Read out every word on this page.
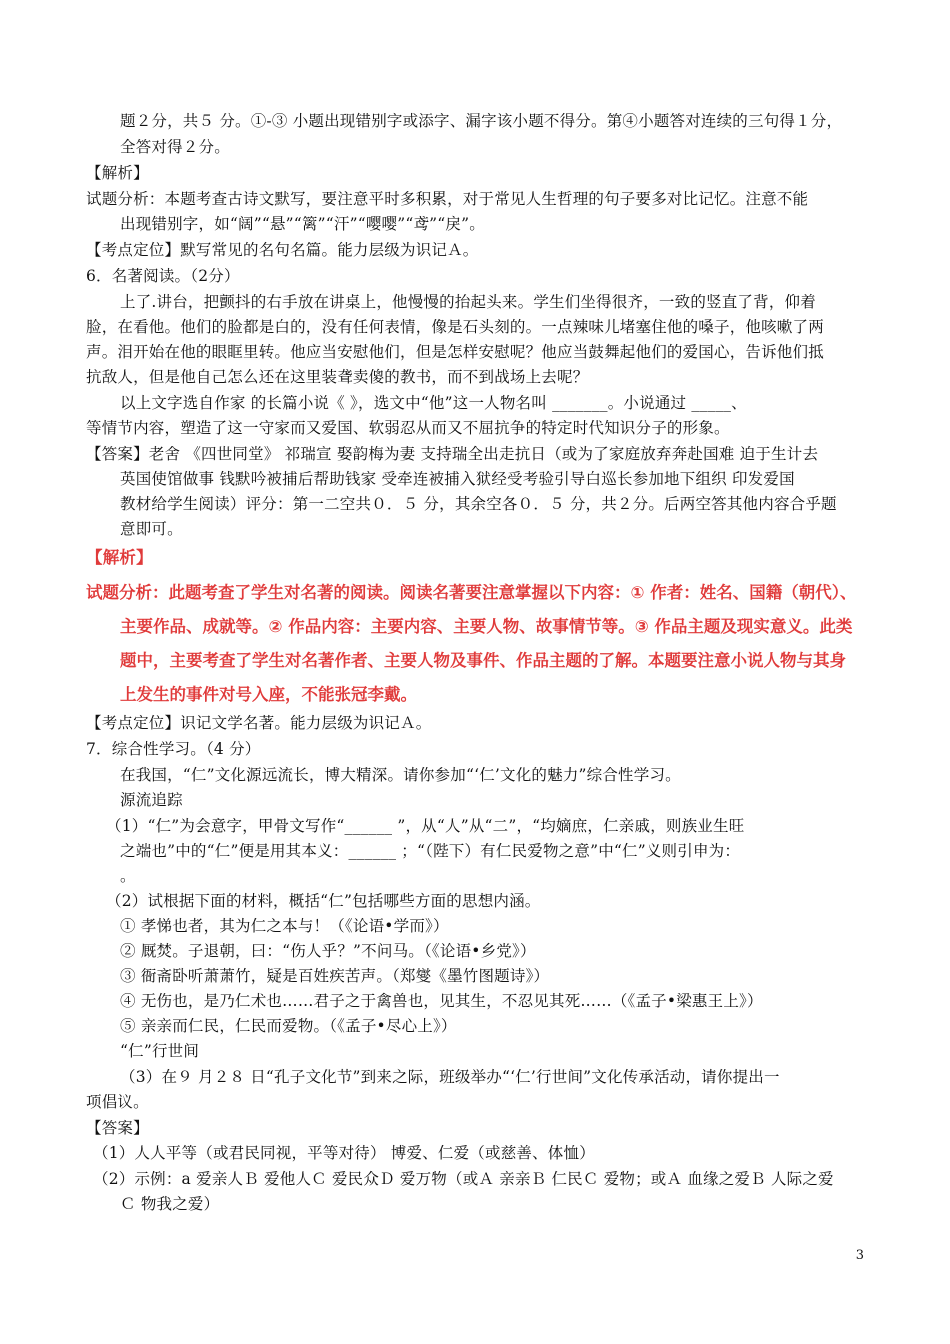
题２分，共５ 分。①-③ 小题出现错别字或添字、漏字该小题不得分。第④小题答对连续的三句得１分，
全答对得２分。
【解析】
试题分析：本题考查古诗文默写，要注意平时多积累，对于常见人生哲理的句子要多对比记忆。注意不能
出现错别字，如“阔”“悬”“篱”“汗”“嘤嘤”“鸢”“戾”。
【考点定位】默写常见的名句名篇。能力层级为识记Ａ。
6．名著阅读。（2分）
上了.讲台，把颤抖的右手放在讲桌上，他慢慢的抬起头来。学生们坐得很齐，一致的竖直了背，仰着
脸，在看他。他们的脸都是白的，没有任何表情，像是石头刻的。一点辣味儿堵塞住他的嗓子，他咳嗽了两
声。泪开始在他的眼眶里转。他应当安慰他们，但是怎样安慰呢？他应当鼓舞起他们的爱国心，告诉他们抵
抗敌人，但是他自己怎么还在这里装聋卖傻的教书，而不到战场上去呢？
以上文字选自作家 的长篇小说《 》，选文中“他”这一人物名叫 _______。小说通过 _____、
等情节内容，塑造了这一守家而又爱国、软弱忍从而又不屈抗争的特定时代知识分子的形象。
【答案】老舍 《四世同堂》 祁瑞宣 娶韵梅为妻 支持瑞全出走抗日（或为了家庭放弃奔赴国难 迫于生计去
英国使馆做事 钱默吟被捕后帮助钱家 受牵连被捕入狱经受考验引导白巡长参加地下组织 印发爱国
教材给学生阅读）评分：第一二空共０．５ 分，其余空各０．５ 分，共２分。后两空答其他内容合乎题
意即可。
【解析】
试题分析：此题考查了学生对名著的阅读。阅读名著要注意掌握以下内容：① 作者：姓名、国籍（朝代）、
主要作品、成就等。② 作品内容：主要内容、主要人物、故事情节等。③ 作品主题及现实意义。此类
题中，主要考查了学生对名著作者、主要人物及事件、作品主题的了解。本题要注意小说人物与其身
上发生的事件对号入座，不能张冠李戴。
【考点定位】识记文学名著。能力层级为识记Ａ。
7．综合性学习。（4 分）
在我国，“仁”文化源远流长，博大精深。请你参加“‘仁’文化的魅力”综合性学习。
源流追踪
（1）“仁”为会意字，甲骨文写作“______ ”，从“人”从“二”，“均嫡庶，仁亲戚，则族业生旺
之端也”中的“仁”便是用其本义：______ ；“（陛下）有仁民爱物之意”中“仁”义则引申为：
。
（2）试根据下面的材料，概括“仁”包括哪些方面的思想内涵。
① 孝悌也者，其为仁之本与！（《论语•学而》）
② 厩焚。子退朝，曰：“伤人乎？”不问马。（《论语•乡党》）
③ 衙斋卧听萧萧竹，疑是百姓疾苦声。（郑燮《墨竹图题诗》）
④ 无伤也，是乃仁术也……君子之于禽兽也，见其生，不忍见其死……（《孟子•梁惠王上》）
⑤ 亲亲而仁民，仁民而爱物。（《孟子•尽心上》）
“仁”行世间
（3）在９ 月２８ 日“孔子文化节”到来之际，班级举办“‘仁’行世间”文化传承活动，请你提出一
项倡议。
【答案】
（1）人人平等（或君民同视，平等对待） 博爱、仁爱（或慈善、体恤）
（2）示例：a 爱亲人Ｂ 爱他人Ｃ 爱民众Ｄ 爱万物（或Ａ 亲亲Ｂ 仁民Ｃ 爱物；或Ａ 血缘之爱Ｂ 人际之爱
Ｃ 物我之爱）
3
